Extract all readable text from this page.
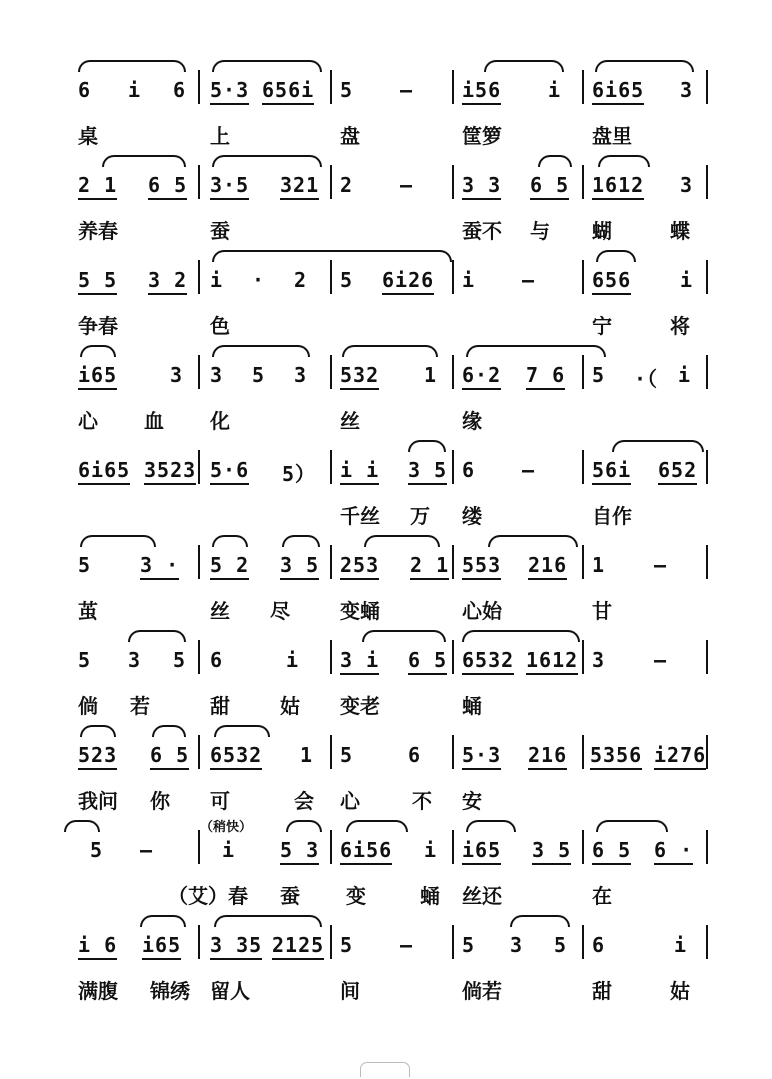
6 i 6 5·3 656i 5 — i56 i 6i65 3
桌	上	盘	筐箩	盘里
2 1 6 5 3·5 321 2 — 3 3 6 5 1612 3
养春	蚕	蚕不 与 蝴	蝶
5 5 3 2 i · 2 5 6i26 i —	656 i
争春	色	宁	将
i65	3 3 5 3 532 1 6·2 7 6 5 ·（ i
心 血 化	丝	缘
6i65 3523 5·6 5） i i 3 5 6 —	56i 652
千丝 万 缕	自作
5 3 · 5 2 3 5 253 2 1 553 216 1 —
茧	丝 尽	变蛹	心始	甘
5 3 5 6	i 3 i 6 5 6532 1612 3 —
倘 若	甜	姑 变老	蛹
523 6 5 6532 1 5	6 5·3 216 5356 i276
我问 你 可	会 心	不 安
5 —	i 5 3 6i56 i i65 3 5 6 5 6 ·
（稍快）
（艾）春 蚕 变	蛹 丝还	在
i 6 i65 3 35 2125 5 — 5 3 5 6	i
满腹 锦绣 留人	间	倘若	甜	姑
